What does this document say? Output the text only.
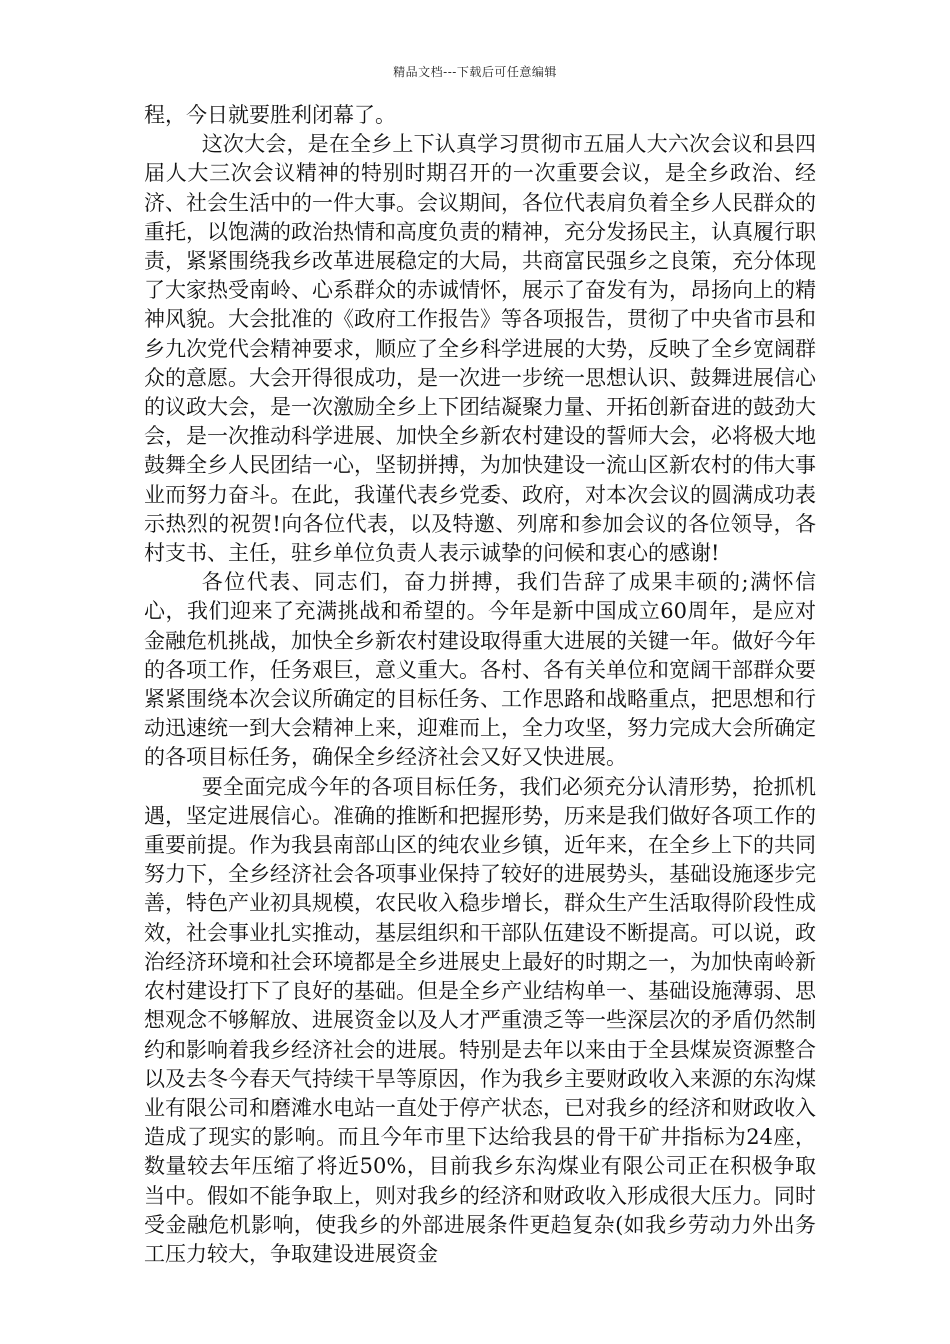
精品文档---下载后可任意编辑

程，今日就要胜利闭幕了。

这次大会，是在全乡上下认真学习贯彻市五届人大六次会议和县四届人大三次会议精神的特别时期召开的一次重要会议，是全乡政治、经济、社会生活中的一件大事。会议期间，各位代表肩负着全乡人民群众的重托，以饱满的政治热情和高度负责的精神，充分发扬民主，认真履行职责，紧紧围绕我乡改革进展稳定的大局，共商富民强乡之良策，充分体现了大家热受南岭、心系群众的赤诚情怀，展示了奋发有为，昂扬向上的精神风貌。大会批准的《政府工作报告》等各项报告，贯彻了中央省市县和乡九次党代会精神要求，顺应了全乡科学进展的大势，反映了全乡宽阔群众的意愿。大会开得很成功，是一次进一步统一思想认识、鼓舞进展信心的议政大会，是一次激励全乡上下团结凝聚力量、开拓创新奋进的鼓劲大会，是一次推动科学进展、加快全乡新农村建设的誓师大会，必将极大地鼓舞全乡人民团结一心，坚韧拼搏，为加快建设一流山区新农村的伟大事业而努力奋斗。在此，我谨代表乡党委、政府，对本次会议的圆满成功表示热烈的祝贺!向各位代表，以及特邀、列席和参加会议的各位领导，各村支书、主任，驻乡单位负责人表示诚挚的问候和衷心的感谢!

各位代表、同志们，奋力拼搏，我们告辞了成果丰硕的;满怀信心，我们迎来了充满挑战和希望的。今年是新中国成立60周年，是应对金融危机挑战，加快全乡新农村建设取得重大进展的关键一年。做好今年的各项工作，任务艰巨，意义重大。各村、各有关单位和宽阔干部群众要紧紧围绕本次会议所确定的目标任务、工作思路和战略重点，把思想和行动迅速统一到大会精神上来，迎难而上，全力攻坚，努力完成大会所确定的各项目标任务，确保全乡经济社会又好又快进展。

要全面完成今年的各项目标任务，我们必须充分认清形势，抢抓机遇，坚定进展信心。准确的推断和把握形势，历来是我们做好各项工作的重要前提。作为我县南部山区的纯农业乡镇，近年来，在全乡上下的共同努力下，全乡经济社会各项事业保持了较好的进展势头，基础设施逐步完善，特色产业初具规模，农民收入稳步增长，群众生产生活取得阶段性成效，社会事业扎实推动，基层组织和干部队伍建设不断提高。可以说，政治经济环境和社会环境都是全乡进展史上最好的时期之一，为加快南岭新农村建设打下了良好的基础。但是全乡产业结构单一、基础设施薄弱、思想观念不够解放、进展资金以及人才严重溃乏等一些深层次的矛盾仍然制约和影响着我乡经济社会的进展。特别是去年以来由于全县煤炭资源整合以及去冬今春天气持续干旱等原因，作为我乡主要财政收入来源的东沟煤业有限公司和磨滩水电站一直处于停产状态，已对我乡的经济和财政收入造成了现实的影响。而且今年市里下达给我县的骨干矿井指标为24座，数量较去年压缩了将近50%，目前我乡东沟煤业有限公司正在积极争取当中。假如不能争取上，则对我乡的经济和财政收入形成很大压力。同时受金融危机影响，使我乡的外部进展条件更趋复杂(如我乡劳动力外出务工压力较大，争取建设进展资金
